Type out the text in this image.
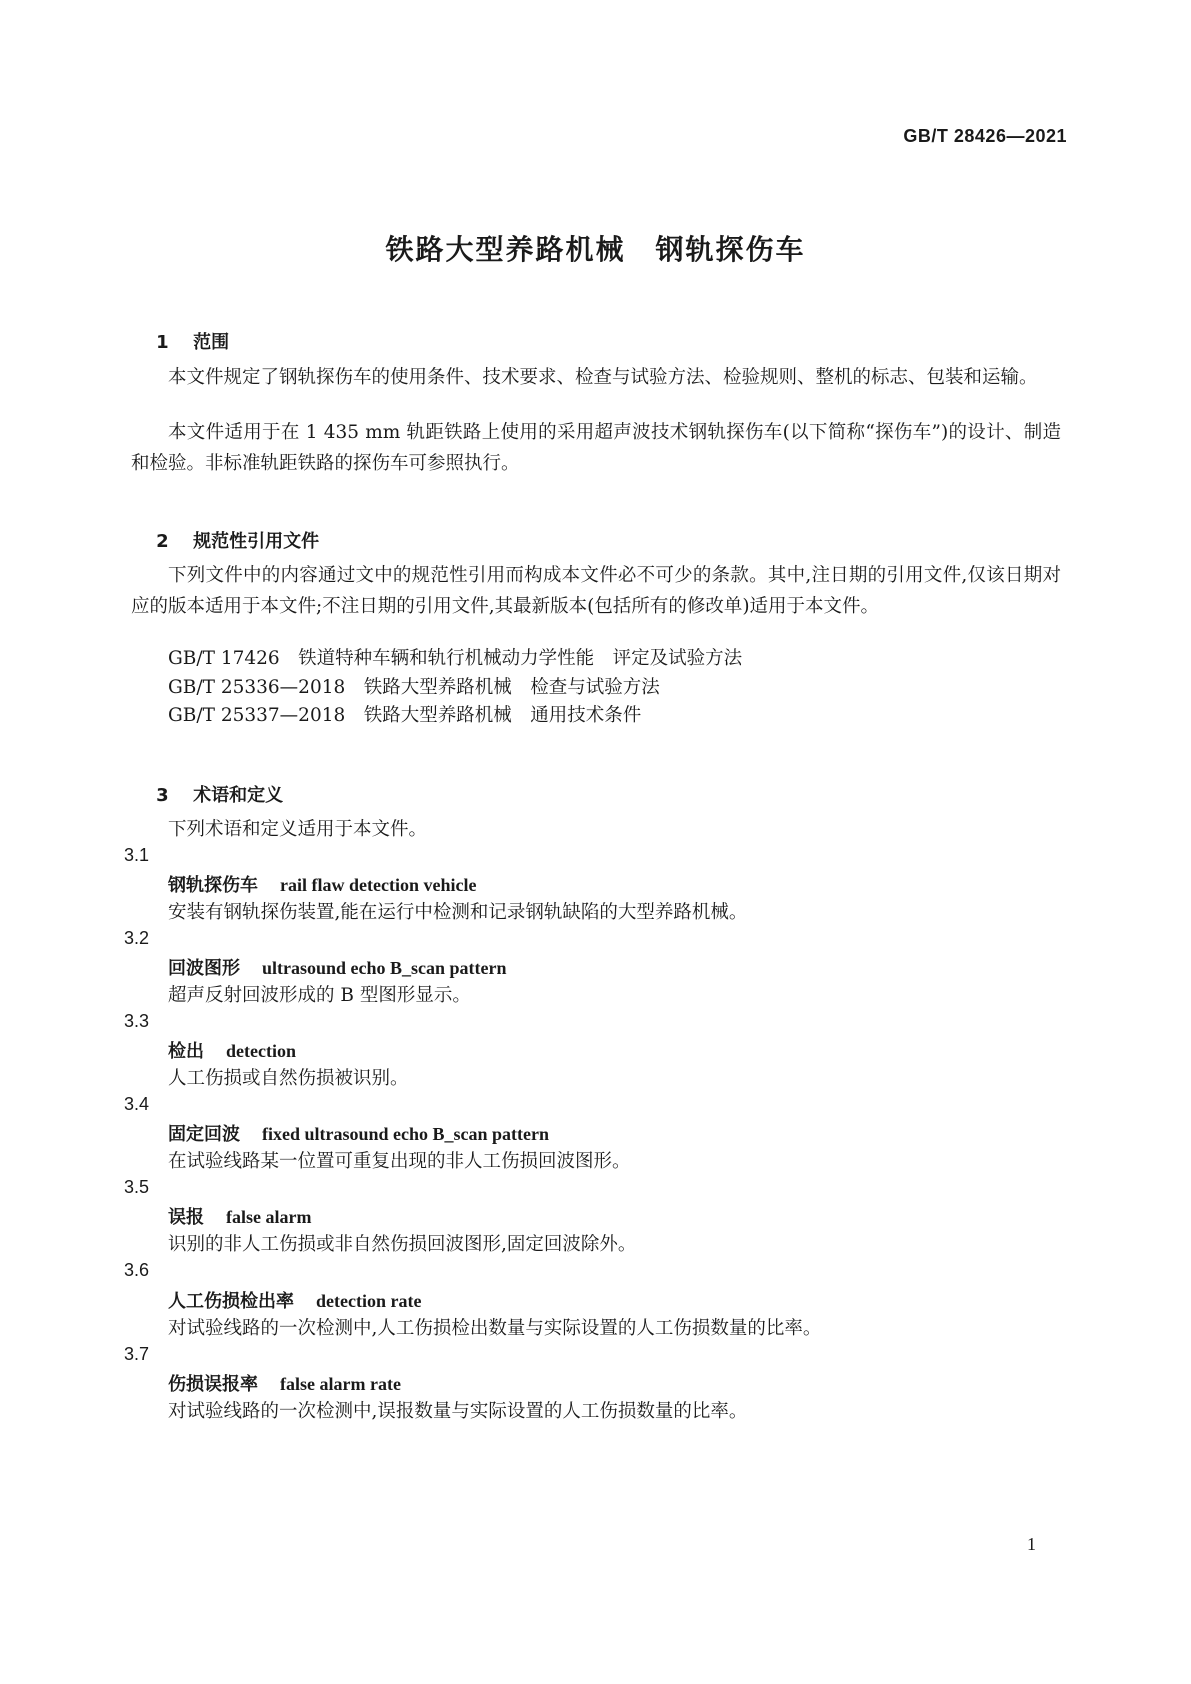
GB/T 28426—2021
铁路大型养路机械　钢轨探伤车

1 范围

本文件规定了钢轨探伤车的使用条件、技术要求、检查与试验方法、检验规则、整机的标志、包装和运输。
本文件适用于在 1 435 mm 轨距铁路上使用的采用超声波技术钢轨探伤车(以下简称“探伤车”)的设计、制造和检验。非标准轨距铁路的探伤车可参照执行。

2 规范性引用文件

下列文件中的内容通过文中的规范性引用而构成本文件必不可少的条款。其中,注日期的引用文件,仅该日期对应的版本适用于本文件;不注日期的引用文件,其最新版本(包括所有的修改单)适用于本文件。
GB/T 17426　铁道特种车辆和轨行机械动力学性能　评定及试验方法
GB/T 25336—2018　铁路大型养路机械　检查与试验方法
GB/T 25337—2018　铁路大型养路机械　通用技术条件

3 术语和定义

下列术语和定义适用于本文件。
3.1
钢轨探伤车 rail flaw detection vehicle
安装有钢轨探伤装置,能在运行中检测和记录钢轨缺陷的大型养路机械。
3.2
回波图形 ultrasound echo B_scan pattern
超声反射回波形成的 B 型图形显示。
3.3
检出 detection
人工伤损或自然伤损被识别。
3.4
固定回波 fixed ultrasound echo B_scan pattern
在试验线路某一位置可重复出现的非人工伤损回波图形。
3.5
误报 false alarm
识别的非人工伤损或非自然伤损回波图形,固定回波除外。
3.6
人工伤损检出率 detection rate
对试验线路的一次检测中,人工伤损检出数量与实际设置的人工伤损数量的比率。
3.7
伤损误报率 false alarm rate
对试验线路的一次检测中,误报数量与实际设置的人工伤损数量的比率。
1
